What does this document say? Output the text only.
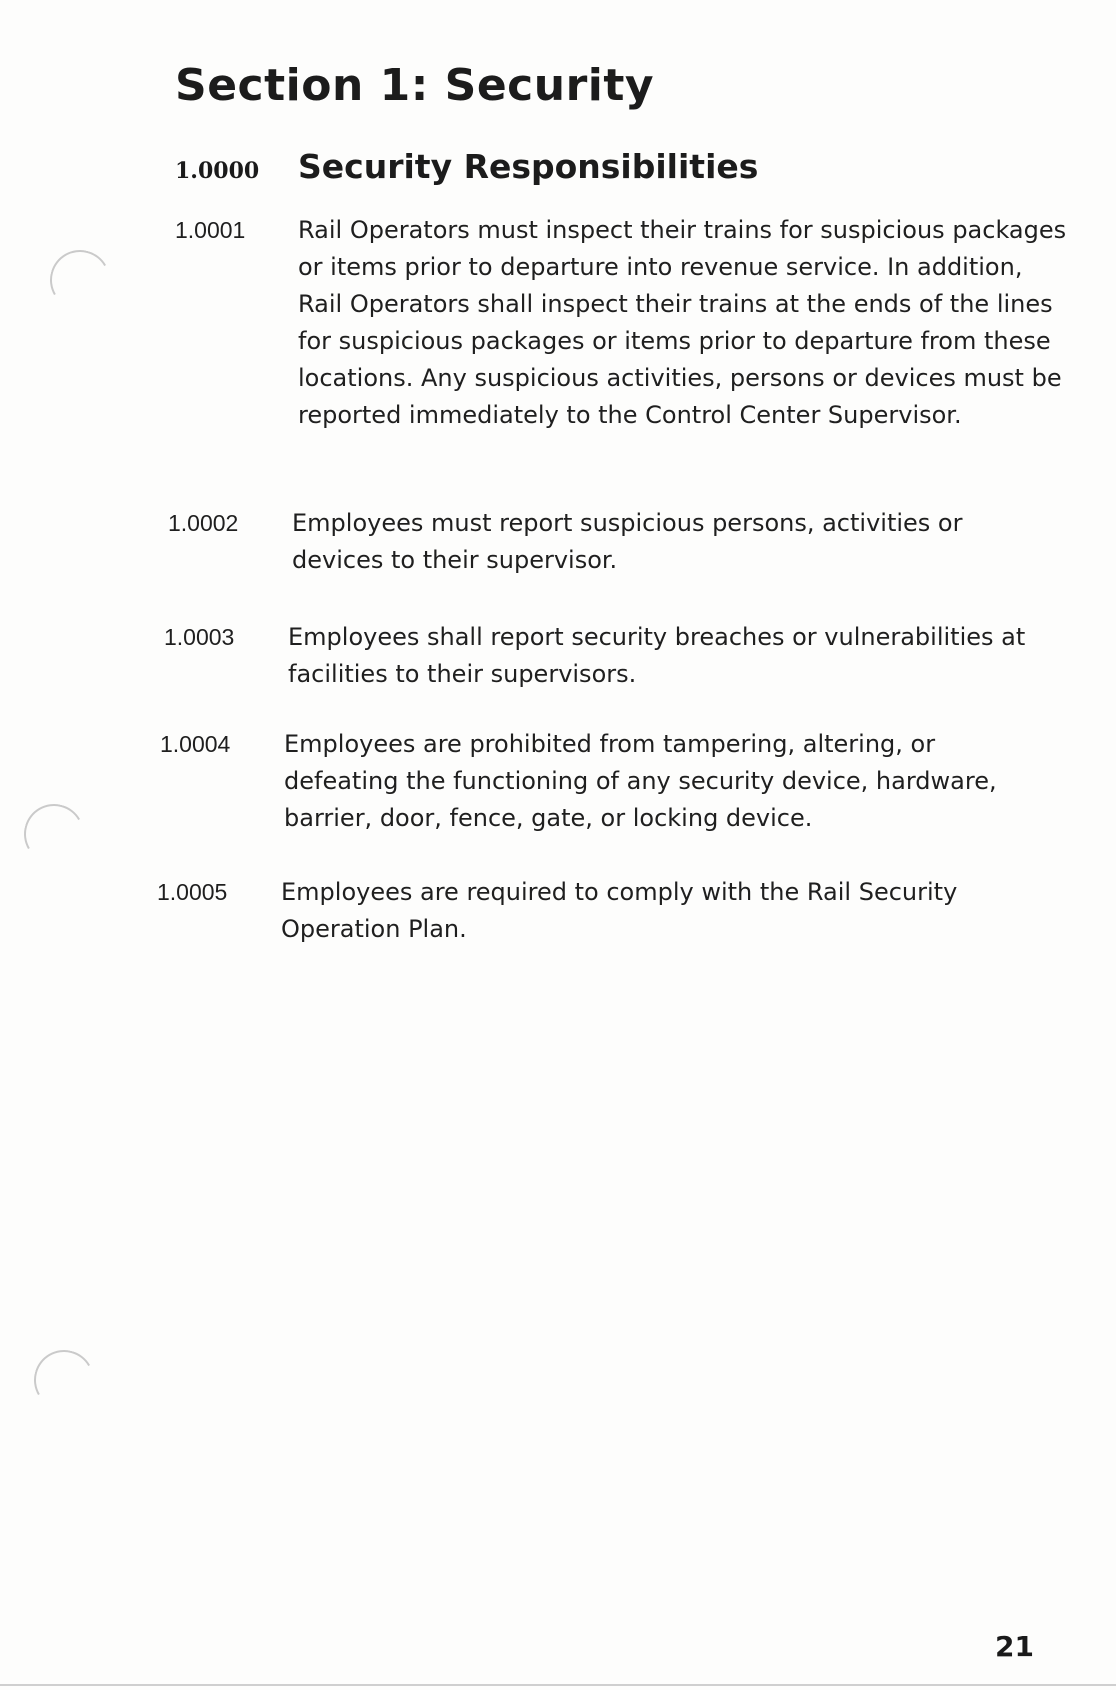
Section 1: Security
1.0000	Security Responsibilities
1.0001	Rail Operators must inspect their trains for suspicious packages or items prior to departure into revenue service. In addition, Rail Operators shall inspect their trains at the ends of the lines for suspicious packages or items prior to departure from these locations. Any suspicious activities, persons or devices must be reported immediately to the Control Center Supervisor.

1.0002	Employees must report suspicious persons, activities or devices to their supervisor.

1.0003	Employees shall report security breaches or vulnerabilities at facilities to their supervisors.

1.0004	Employees are prohibited from tampering, altering, or defeating the functioning of any security device, hardware, barrier, door, fence, gate, or locking device.

1.0005	Employees are required to comply with the Rail Security Operation Plan.

21
